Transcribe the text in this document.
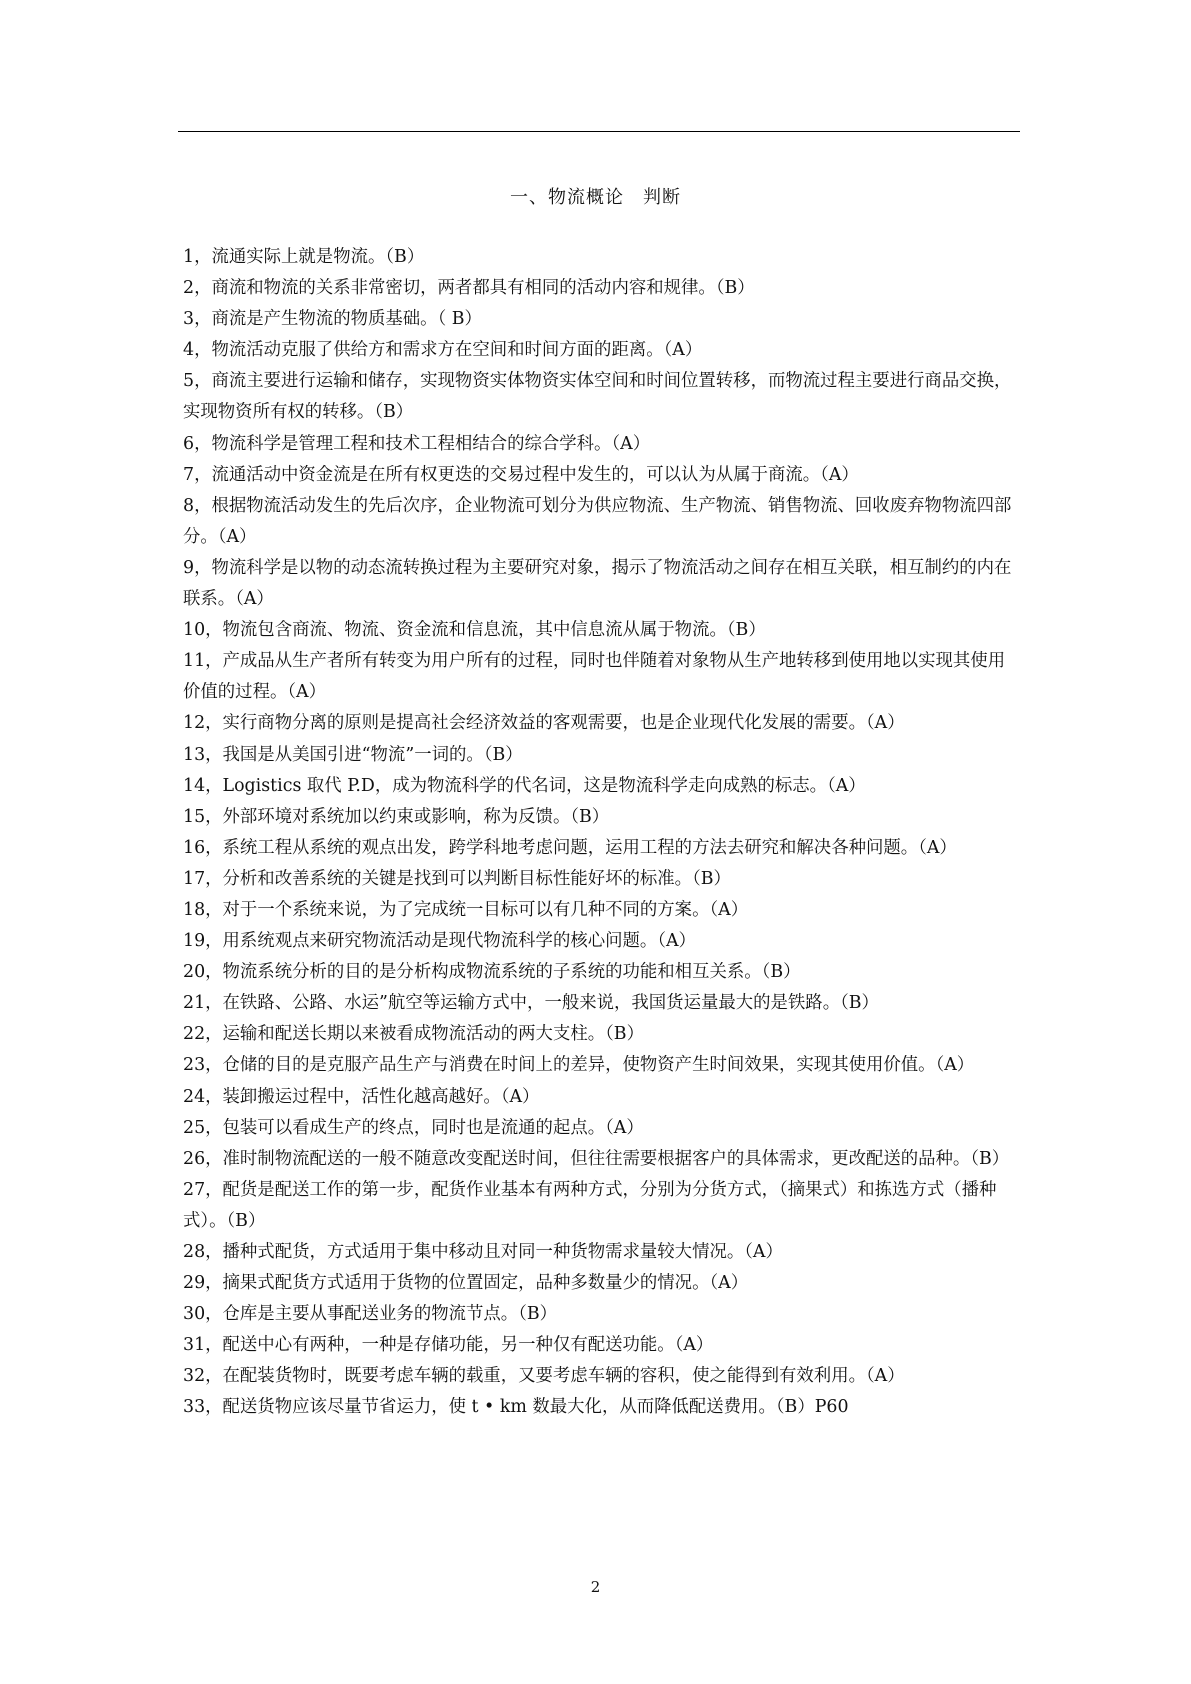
一、物流概论　判断

1，流通实际上就是物流。（B）

2，商流和物流的关系非常密切，两者都具有相同的活动内容和规律。（B）

3，商流是产生物流的物质基础。（ B）

4，物流活动克服了供给方和需求方在空间和时间方面的距离。（A）

5，商流主要进行运输和储存，实现物资实体物资实体空间和时间位置转移，而物流过程主要进行商品交换，实现物资所有权的转移。（B）

6，物流科学是管理工程和技术工程相结合的综合学科。（A）

7，流通活动中资金流是在所有权更迭的交易过程中发生的，可以认为从属于商流。（A）

8，根据物流活动发生的先后次序，企业物流可划分为供应物流、生产物流、销售物流、回收废弃物物流四部分。（A）

9，物流科学是以物的动态流转换过程为主要研究对象，揭示了物流活动之间存在相互关联，相互制约的内在联系。（A）

10，物流包含商流、物流、资金流和信息流，其中信息流从属于物流。（B）

11，产成品从生产者所有转变为用户所有的过程，同时也伴随着对象物从生产地转移到使用地以实现其使用价值的过程。（A）

12，实行商物分离的原则是提高社会经济效益的客观需要，也是企业现代化发展的需要。（A）

13，我国是从美国引进“物流”一词的。（B）

14，Logistics 取代 P.D，成为物流科学的代名词，这是物流科学走向成熟的标志。（A）

15，外部环境对系统加以约束或影响，称为反馈。（B）

16，系统工程从系统的观点出发，跨学科地考虑问题，运用工程的方法去研究和解决各种问题。（A）

17，分析和改善系统的关键是找到可以判断目标性能好坏的标准。（B）

18，对于一个系统来说，为了完成统一目标可以有几种不同的方案。（A）

19，用系统观点来研究物流活动是现代物流科学的核心问题。（A）

20，物流系统分析的目的是分析构成物流系统的子系统的功能和相互关系。（B）

21，在铁路、公路、水运”航空等运输方式中，一般来说，我国货运量最大的是铁路。（B）

22，运输和配送长期以来被看成物流活动的两大支柱。（B）

23，仓储的目的是克服产品生产与消费在时间上的差异，使物资产生时间效果，实现其使用价值。（A）

24，装卸搬运过程中，活性化越高越好。（A）

25，包装可以看成生产的终点，同时也是流通的起点。（A）

26，准时制物流配送的一般不随意改变配送时间，但往往需要根据客户的具体需求，更改配送的品种。（B）

27，配货是配送工作的第一步，配货作业基本有两种方式，分别为分货方式，（摘果式）和拣选方式（播种式）。（B）

28，播种式配货，方式适用于集中移动且对同一种货物需求量较大情况。（A）

29，摘果式配货方式适用于货物的位置固定，品种多数量少的情况。（A）

30，仓库是主要从事配送业务的物流节点。（B）

31，配送中心有两种，一种是存储功能，另一种仅有配送功能。（A）

32，在配装货物时，既要考虑车辆的载重，又要考虑车辆的容积，使之能得到有效利用。（A）

33，配送货物应该尽量节省运力，使 t • km 数最大化，从而降低配送费用。（B）P60

2
